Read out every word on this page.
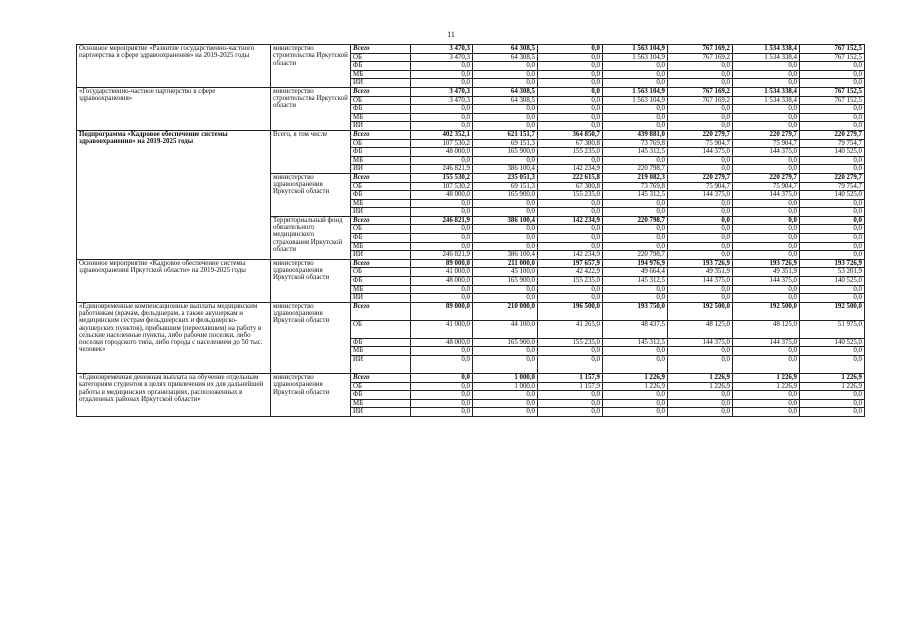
11
Основное мероприятие «Развитие государственно-частного партнерства в сфере здравоохранения» на 2019-2025 годы	министерство строительства Иркутской области	Всего	3 470,3	64 308,5	0,0	1 563 104,9	767 169,2	1 534 338,4	767 152,5
		ОБ	3 470,3	64 308,5	0,0	1 563 104,9	767 169,2	1 534 338,4	767 152,5
		ФБ	0,0	0,0	0,0	0,0	0,0	0,0	0,0
		МБ	0,0	0,0	0,0	0,0	0,0	0,0	0,0
		ИИ	0,0	0,0	0,0	0,0	0,0	0,0	0,0
«Государственно-частное партнерство в сфере здравоохранения»	министерство строительства Иркутской области	Всего	3 470,3	64 308,5	0,0	1 563 104,9	767 169,2	1 534 338,4	767 152,5
		ОБ	3 470,3	64 308,5	0,0	1 563 104,9	767 169,2	1 534 338,4	767 152,5
		ФБ	0,0	0,0	0,0	0,0	0,0	0,0	0,0
		МБ	0,0	0,0	0,0	0,0	0,0	0,0	0,0
		ИИ	0,0	0,0	0,0	0,0	0,0	0,0	0,0
Подпрограмма «Кадровое обеспечение системы здравоохранения» на 2019-2025 годы	Всего, в том числе	Всего	402 352,1	621 151,7	364 850,7	439 881,0	220 279,7	220 279,7	220 279,7
		ОБ	107 530,2	69 151,3	67 380,8	73 769,8	75 904,7	75 904,7	79 754,7
		ФБ	48 000,0	165 900,0	155 235,0	145 312,5	144 375,0	144 375,0	140 525,0
		МБ	0,0	0,0	0,0	0,0	0,0	0,0	0,0
		ИИ	246 821,9	386 100,4	142 234,9	220 798,7	0,0	0,0	0,0
	министерство здравоохранения Иркутской области	Всего	155 530,2	235 051,3	222 615,8	219 082,3	220 279,7	220 279,7	220 279,7
		ОБ	107 530,2	69 151,3	67 380,8	73 769,8	75 904,7	75 904,7	79 754,7
		ФБ	48 000,0	165 900,0	155 235,0	145 312,5	144 375,0	144 375,0	140 525,0
		МБ	0,0	0,0	0,0	0,0	0,0	0,0	0,0
		ИИ	0,0	0,0	0,0	0,0	0,0	0,0	0,0
	Территориальный фонд обязательного медицинского страхования Иркутской области	Всего	246 821,9	386 100,4	142 234,9	220 798,7	0,0	0,0	0,0
		ОБ	0,0	0,0	0,0	0,0	0,0	0,0	0,0
		ФБ	0,0	0,0	0,0	0,0	0,0	0,0	0,0
		МБ	0,0	0,0	0,0	0,0	0,0	0,0	0,0
		ИИ	246 821,9	386 100,4	142 234,9	220 798,7	0,0	0,0	0,0
Основное мероприятие «Кадровое обеспечение системы здравоохранения Иркутской области» на 2019-2025 годы	министерство здравоохранения Иркутской области	Всего	89 000,0	211 000,0	197 657,9	194 976,9	193 726,9	193 726,9	193 726,9
		ОБ	41 000,0	45 100,0	42 422,9	49 664,4	49 351,9	49 351,9	53 201,9
		ФБ	48 000,0	165 900,0	155 235,0	145 312,5	144 375,0	144 375,0	140 525,0
		МБ	0,0	0,0	0,0	0,0	0,0	0,0	0,0
		ИИ	0,0	0,0	0,0	0,0	0,0	0,0	0,0
«Единовременные компенсационные выплаты медицинским работникам (врачам, фельдшерам, а также акушеркам и медицинским сестрам фельдшерских и фельдшерско-акушерских пунктов), прибывшим (переехавшим) на работу в сельские населенные пункты, либо рабочие поселки, либо поселки городского типа, либо города с населением до 50 тыс. человек»	министерство здравоохранения Иркутской области	Всего	89 000,0	210 000,0	196 500,0	193 750,0	192 500,0	192 500,0	192 500,0
		ОБ	41 000,0	44 100,0	41 265,0	48 437,5	48 125,0	48 125,0	51 975,0
		ФБ	48 000,0	165 900,0	155 235,0	145 312,5	144 375,0	144 375,0	140 525,0
		МБ	0,0	0,0	0,0	0,0	0,0	0,0	0,0
		ИИ	0,0	0,0	0,0	0,0	0,0	0,0	0,0
«Единовременная денежная выплата на обучение отдельным категориям студентов в целях привлечения их для дальнейшей работы в медицинских организациях, расположенных в отдаленных районах Иркутской области»	министерство здравоохранения Иркутской области	Всего	0,0	1 000,0	1 157,9	1 226,9	1 226,9	1 226,9	1 226,9
		ОБ	0,0	1 000,0	1 157,9	1 226,9	1 226,9	1 226,9	1 226,9
		ФБ	0,0	0,0	0,0	0,0	0,0	0,0	0,0
		МБ	0,0	0,0	0,0	0,0	0,0	0,0	0,0
		ИИ	0,0	0,0	0,0	0,0	0,0	0,0	0,0
